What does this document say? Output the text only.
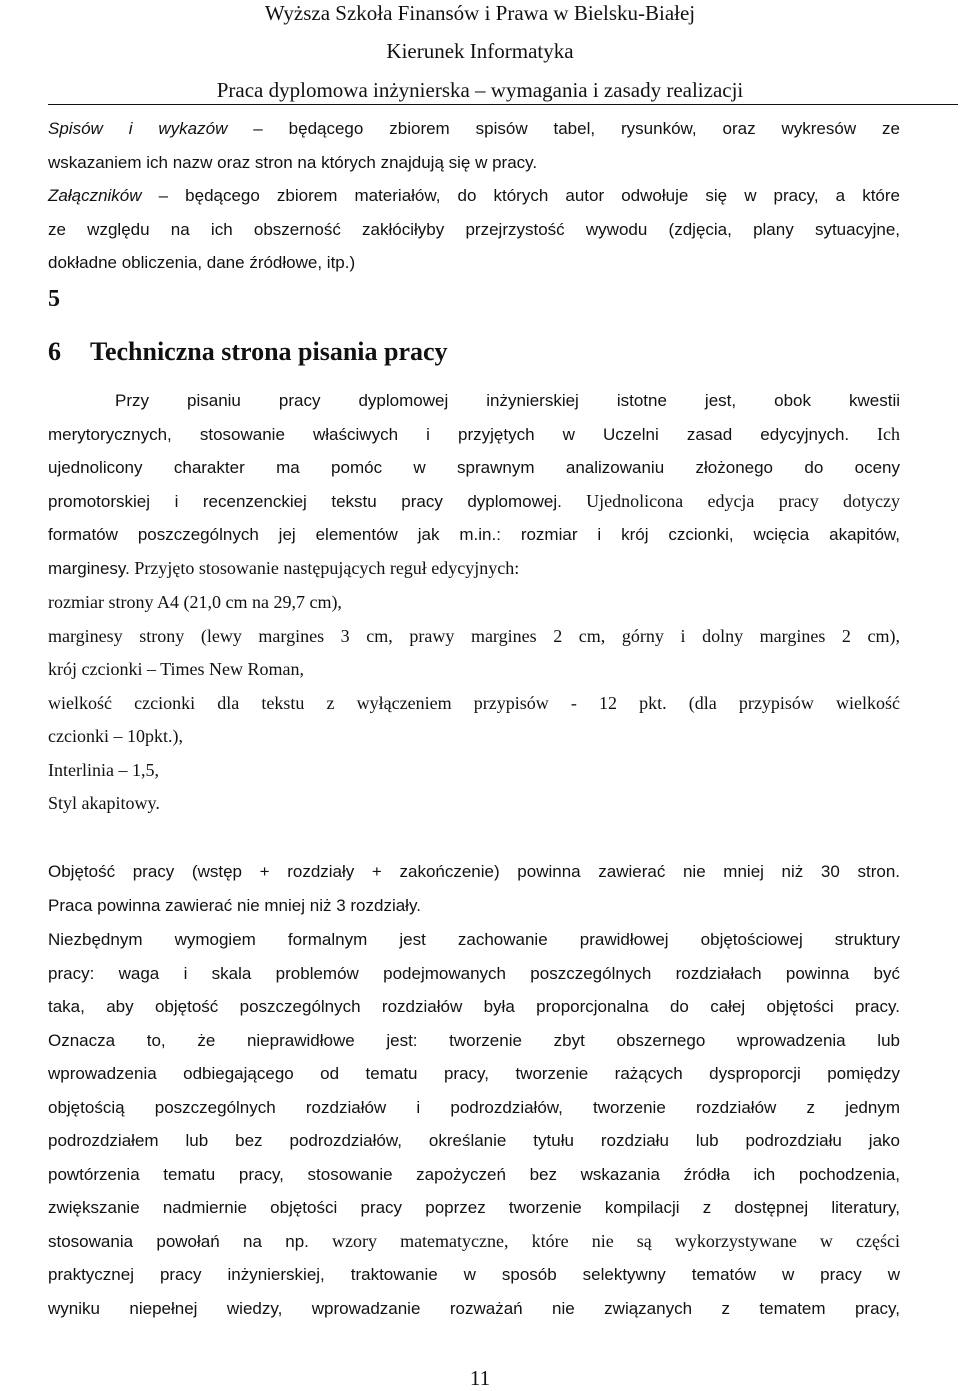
Wyższa Szkoła Finansów i Prawa w Bielsku-Białej
Kierunek Informatyka
Praca dyplomowa inżynierska – wymagania i zasady realizacji
Spisów i wykazów – będącego zbiorem spisów tabel, rysunków, oraz wykresów ze
wskazaniem ich nazw oraz stron na których znajdują się w pracy.
Załączników – będącego zbiorem materiałów, do których autor odwołuje się w pracy, a które
ze względu na ich obszerność zakłóciłyby przejrzystość wywodu (zdjęcia, plany sytuacyjne,
dokładne obliczenia, dane źródłowe, itp.)
5
6 Techniczna strona pisania pracy
Przy pisaniu pracy dyplomowej inżynierskiej istotne jest, obok kwestii
merytorycznych, stosowanie właściwych i przyjętych w Uczelni zasad edycyjnych. Ich
ujednolicony charakter ma pomóc w sprawnym analizowaniu złożonego do oceny
promotorskiej i recenzenckiej tekstu pracy dyplomowej. Ujednolicona edycja pracy dotyczy
formatów poszczególnych jej elementów jak m.in.: rozmiar i krój czcionki, wcięcia akapitów,
marginesy. Przyjęto stosowanie następujących reguł edycyjnych:
rozmiar strony A4 (21,0 cm na 29,7 cm),
marginesy strony (lewy margines 3 cm, prawy margines 2 cm, górny i dolny margines 2 cm),
krój czcionki – Times New Roman,
wielkość czcionki dla tekstu z wyłączeniem przypisów - 12 pkt. (dla przypisów wielkość
czcionki – 10pkt.),
Interlinia – 1,5,
Styl akapitowy.
Objętość pracy (wstęp + rozdziały + zakończenie) powinna zawierać nie mniej niż 30 stron.
Praca powinna zawierać nie mniej niż 3 rozdziały.
Niezbędnym wymogiem formalnym jest zachowanie prawidłowej objętościowej struktury
pracy: waga i skala problemów podejmowanych poszczególnych rozdziałach powinna być
taka, aby objętość poszczególnych rozdziałów była proporcjonalna do całej objętości pracy.
Oznacza to, że nieprawidłowe jest: tworzenie zbyt obszernego wprowadzenia lub
wprowadzenia odbiegającego od tematu pracy, tworzenie rażących dysproporcji pomiędzy
objętością poszczególnych rozdziałów i podrozdziałów, tworzenie rozdziałów z jednym
podrozdziałem lub bez podrozdziałów, określanie tytułu rozdziału lub podrozdziału jako
powtórzenia tematu pracy, stosowanie zapożyczeń bez wskazania źródła ich pochodzenia,
zwiększanie nadmiernie objętości pracy poprzez tworzenie kompilacji z dostępnej literatury,
stosowania powołań na np. wzory matematyczne, które nie są wykorzystywane w części
praktycznej pracy inżynierskiej, traktowanie w sposób selektywny tematów w pracy w
wyniku niepełnej wiedzy, wprowadzanie rozważań nie związanych z tematem pracy,
11
